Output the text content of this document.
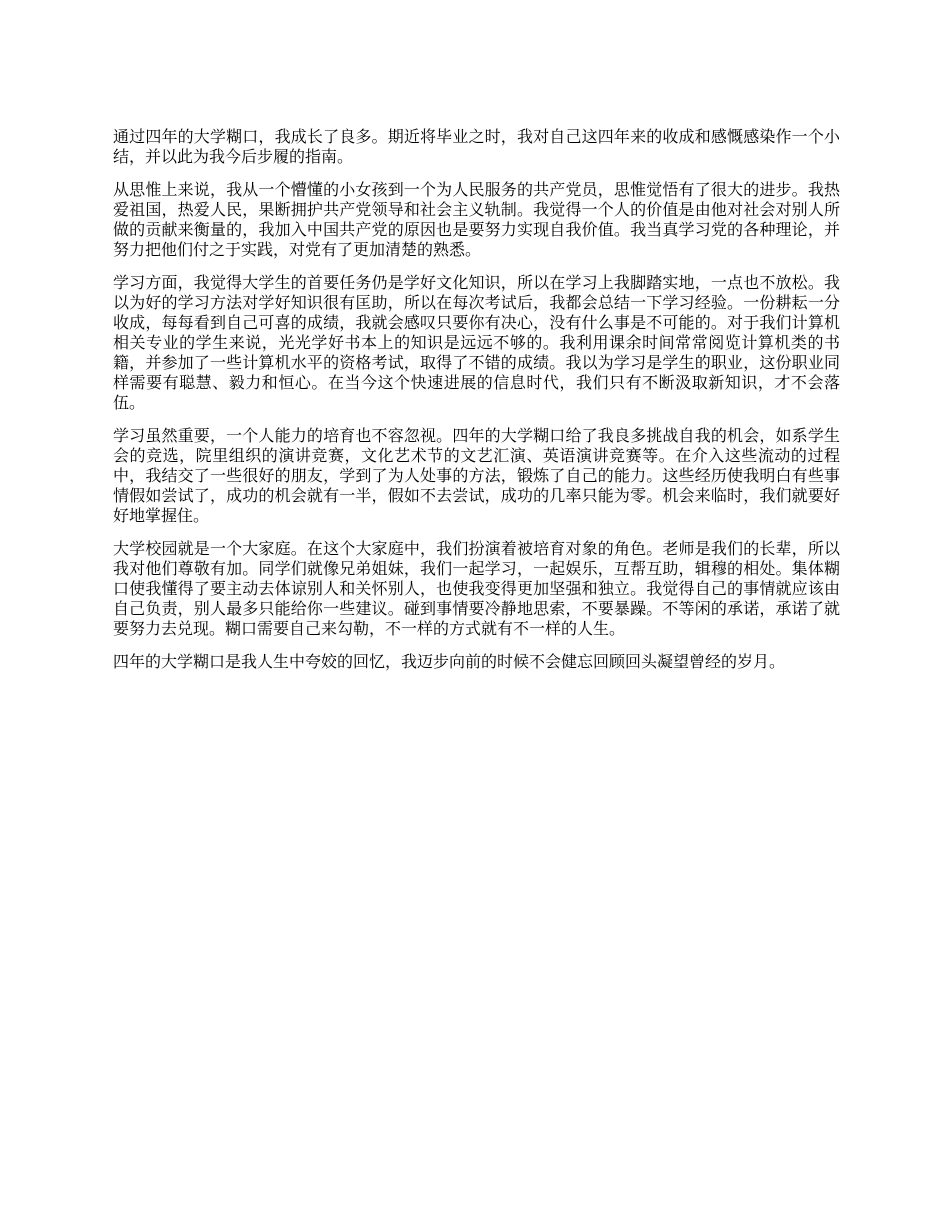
通过四年的大学糊口，我成长了良多。期近将毕业之时，我对自己这四年来的收成和感慨感染作一个小结，并以此为我今后步履的指南。

从思惟上来说，我从一个懵懂的小女孩到一个为人民服务的共产党员，思惟觉悟有了很大的进步。我热爱祖国，热爱人民，果断拥护共产党领导和社会主义轨制。我觉得一个人的价值是由他对社会对别人所做的贡献来衡量的，我加入中国共产党的原因也是要努力实现自我价值。我当真学习党的各种理论，并努力把他们付之于实践，对党有了更加清楚的熟悉。

学习方面，我觉得大学生的首要任务仍是学好文化知识，所以在学习上我脚踏实地，一点也不放松。我以为好的学习方法对学好知识很有匡助，所以在每次考试后，我都会总结一下学习经验。一份耕耘一分收成，每每看到自己可喜的成绩，我就会感叹只要你有决心，没有什么事是不可能的。对于我们计算机相关专业的学生来说，光光学好书本上的知识是远远不够的。我利用课余时间常常阅览计算机类的书籍，并参加了一些计算机水平的资格考试，取得了不错的成绩。我以为学习是学生的职业，这份职业同样需要有聪慧、毅力和恒心。在当今这个快速进展的信息时代，我们只有不断汲取新知识，才不会落伍。

学习虽然重要，一个人能力的培育也不容忽视。四年的大学糊口给了我良多挑战自我的机会，如系学生会的竞选，院里组织的演讲竞赛，文化艺术节的文艺汇演、英语演讲竞赛等。在介入这些流动的过程中，我结交了一些很好的朋友，学到了为人处事的方法，锻炼了自己的能力。这些经历使我明白有些事情假如尝试了，成功的机会就有一半，假如不去尝试，成功的几率只能为零。机会来临时，我们就要好好地掌握住。

大学校园就是一个大家庭。在这个大家庭中，我们扮演着被培育对象的角色。老师是我们的长辈，所以我对他们尊敬有加。同学们就像兄弟姐妹，我们一起学习，一起娱乐，互帮互助，辑穆的相处。集体糊口使我懂得了要主动去体谅别人和关怀别人，也使我变得更加坚强和独立。我觉得自己的事情就应该由自己负责，别人最多只能给你一些建议。碰到事情要冷静地思索，不要暴躁。不等闲的承诺，承诺了就要努力去兑现。糊口需要自己来勾勒，不一样的方式就有不一样的人生。

四年的大学糊口是我人生中夸姣的回忆，我迈步向前的时候不会健忘回顾回头凝望曾经的岁月。
